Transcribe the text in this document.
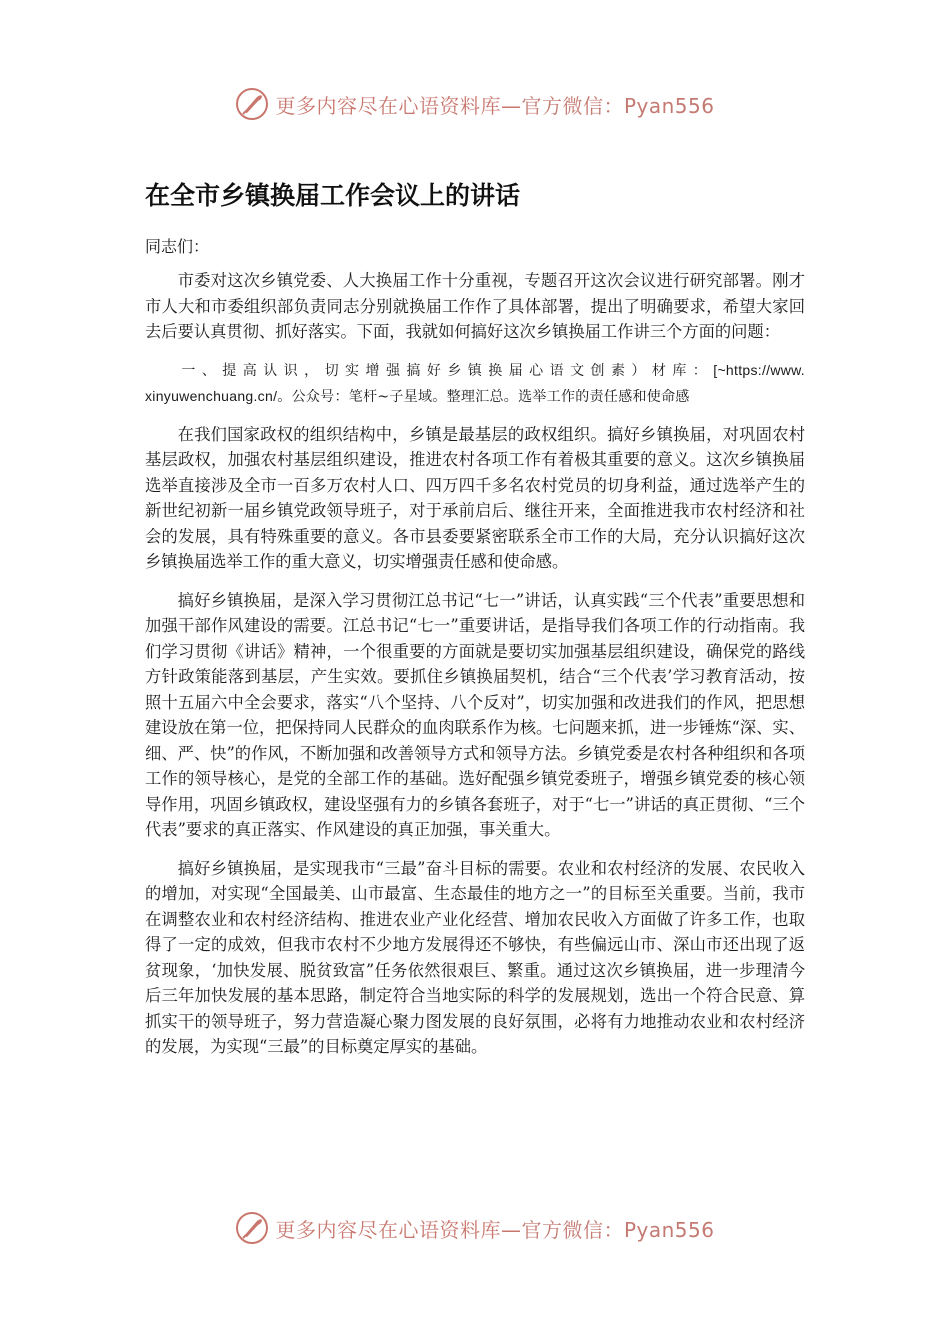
更多内容尽在心语资料库—官方微信：Pyan556
在全市乡镇换届工作会议上的讲话
同志们：

市委对这次乡镇党委、人大换届工作十分重视，专题召开这次会议进行研究部署。刚才市人大和市委组织部负责同志分别就换届工作作了具体部署，提出了明确要求，希望大家回去后要认真贯彻、抓好落实。下面，我就如何搞好这次乡镇换届工作讲三个方面的问题：

一、提高认识，切实增强搞好乡镇换届心语文创素）材库：[~https://www.xinyuwenchuang.cn/。公众号：笔杆~子星域。整理汇总。选举工作的责任感和使命感

在我们国家政权的组织结构中，乡镇是最基层的政权组织。搞好乡镇换届，对巩固农村基层政权，加强农村基层组织建设，推进农村各项工作有着极其重要的意义。这次乡镇换届选举直接涉及全市一百多万农村人口、四万四千多名农村党员的切身利益，通过选举产生的新世纪初新一届乡镇党政领导班子，对于承前启后、继往开来，全面推进我市农村经济和社会的发展，具有特殊重要的意义。各市县委要紧密联系全市工作的大局，充分认识搞好这次乡镇换届选举工作的重大意义，切实增强责任感和使命感。

搞好乡镇换届，是深入学习贯彻江总书记“七一”讲话，认真实践“三个代表”重要思想和加强干部作风建设的需要。江总书记“七一”重要讲话，是指导我们各项工作的行动指南。我们学习贯彻《讲话》精神，一个很重要的方面就是要切实加强基层组织建设，确保党的路线方针政策能落到基层，产生实效。要抓住乡镇换届契机，结合“三个代表’学习教育活动，按照十五届六中全会要求，落实“八个坚持、八个反对”，切实加强和改进我们的作风，把思想建设放在第一位，把保持同人民群众的血肉联系作为核。七问题来抓，进一步锤炼“深、实、细、严、快”的作风，不断加强和改善领导方式和领导方法。乡镇党委是农村各种组织和各项工作的领导核心，是党的全部工作的基础。选好配强乡镇党委班子，增强乡镇党委的核心领导作用，巩固乡镇政权，建设坚强有力的乡镇各套班子，对于“七一”讲话的真正贯彻、“三个代表”要求的真正落实、作风建设的真正加强，事关重大。

搞好乡镇换届，是实现我市“三最”奋斗目标的需要。农业和农村经济的发展、农民收入的增加，对实现“全国最美、山市最富、生态最佳的地方之一”的目标至关重要。当前，我市在调整农业和农村经济结构、推进农业产业化经营、增加农民收入方面做了许多工作，也取得了一定的成效，但我市农村不少地方发展得还不够快，有些偏远山市、深山市还出现了返贫现象，‘加快发展、脱贫致富”任务依然很艰巨、繁重。通过这次乡镇换届，进一步理清今后三年加快发展的基本思路，制定符合当地实际的科学的发展规划，选出一个符合民意、算抓实干的领导班子，努力营造凝心聚力图发展的良好氛围，必将有力地推动农业和农村经济的发展，为实现“三最”的目标奠定厚实的基础。

更多内容尽在心语资料库—官方微信：Pyan556
